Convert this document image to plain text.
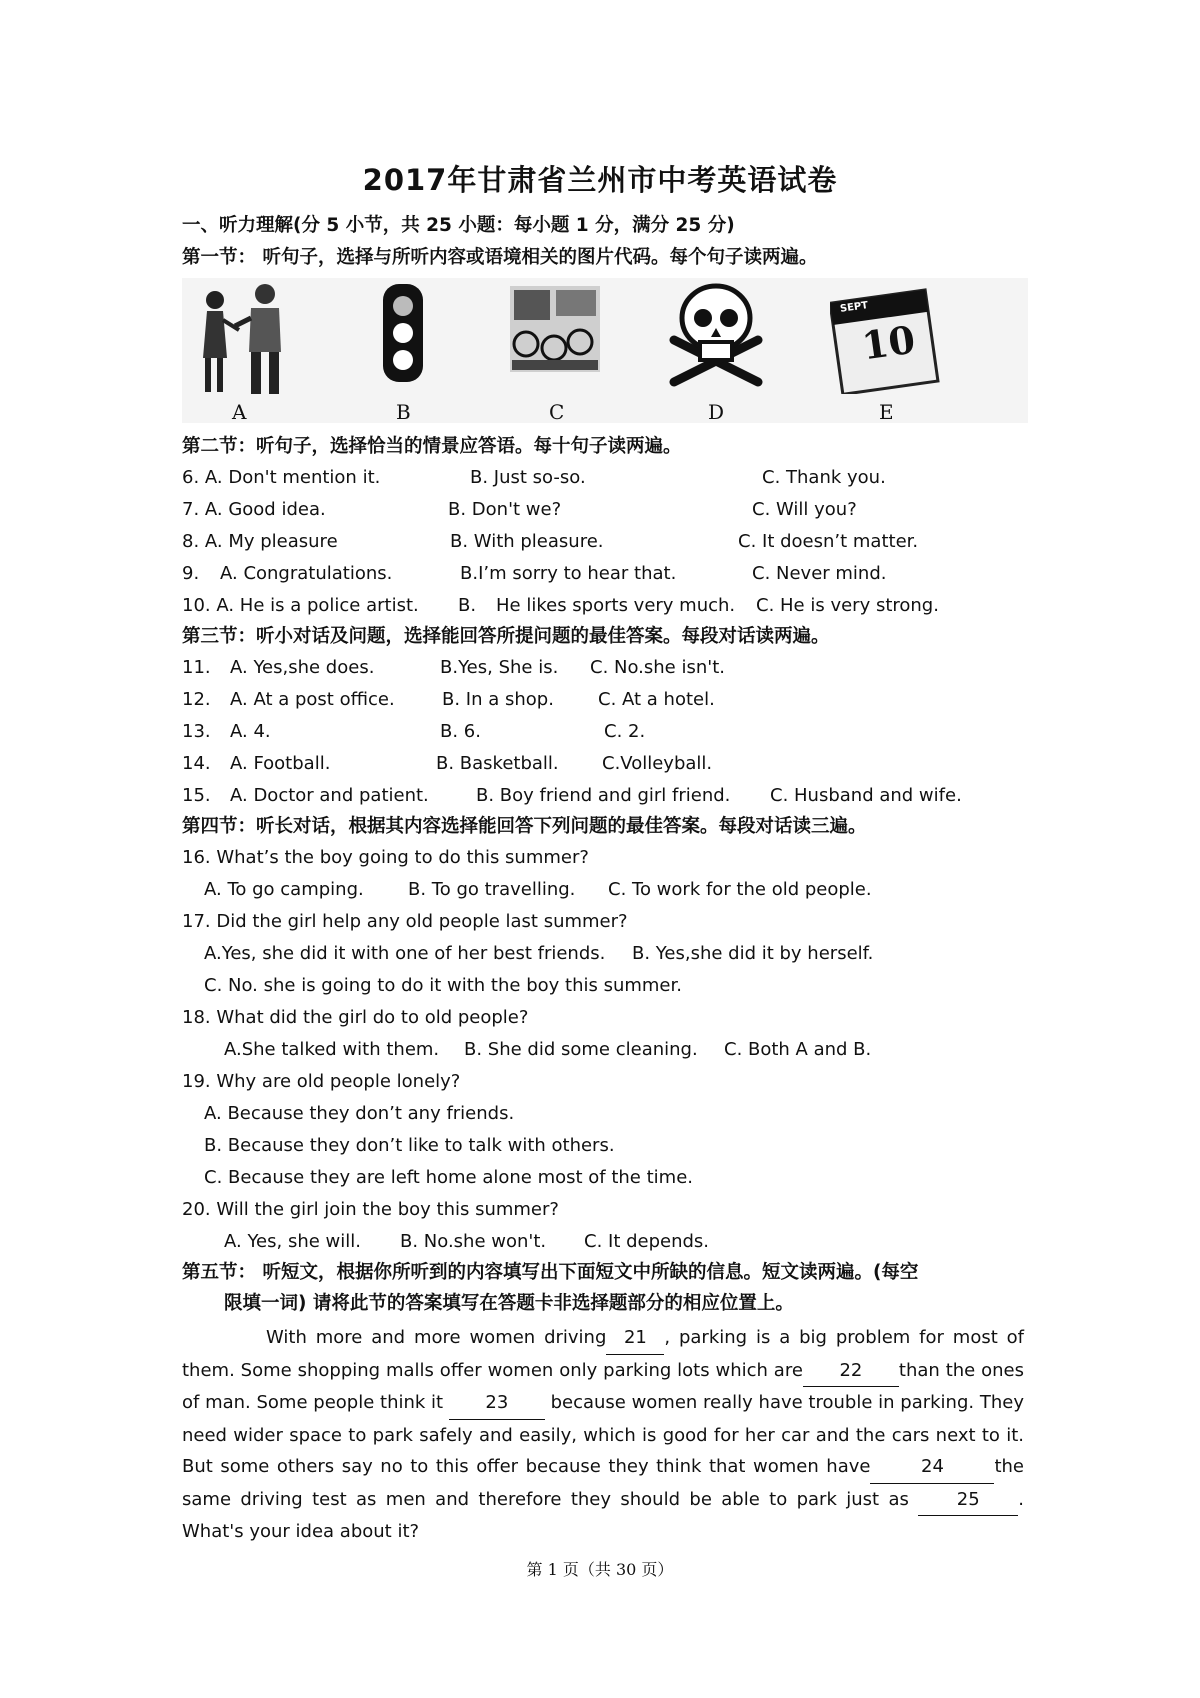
2017年甘肃省兰州市中考英语试卷
一、听力理解(分 5 小节，共 25 小题：每小题 1 分，满分 25 分)
第一节： 听句子，选择与所听内容或语境相关的图片代码。每个句子读两遍。
SEPT
10
A	B	C	D	E
第二节：听句子，选择恰当的情景应答语。每十句子读两遍。
6. A. Don't mention it.	B. Just so-so.	C. Thank you.
7. A. Good idea.	B. Don't we?	C. Will you?
8. A. My pleasure	B. With pleasure.	C. It doesn’t matter.
9. A. Congratulations.	B.I’m sorry to hear that.	C. Never mind.
10. A. He is a police artist. B. He likes sports very much. C. He is very strong.
第三节：听小对话及问题，选择能回答所提问题的最佳答案。每段对话读两遍。
11. A. Yes,she does.	B.Yes, She is. C. No.she isn't.
12. A. At a post office.	B. In a shop. C. At a hotel.
13. A. 4.	B. 6.	C. 2.
14. A. Football.	B. Basketball. C.Volleyball.
15. A. Doctor and patient.	B. Boy friend and girl friend. C. Husband and wife.
第四节：听长对话，根据其内容选择能回答下列问题的最佳答案。每段对话读三遍。
16. What’s the boy going to do this summer?
A. To go camping. B. To go travelling. C. To work for the old people.
17. Did the girl help any old people last summer?
A.Yes, she did it with one of her best friends. B. Yes,she did it by herself.
C. No. she is going to do it with the boy this summer.
18. What did the girl do to old people?
A.She talked with them. B. She did some cleaning. C. Both A and B.
19. Why are old people lonely?
A. Because they don’t any friends.
B. Because they don’t like to talk with others.
C. Because they are left home alone most of the time.
20. Will the girl join the boy this summer?
A. Yes, she will. B. No.she won't. C. It depends.
第五节： 听短文，根据你所听到的内容填写出下面短文中所缺的信息。短文读两遍。(每空
限填一词) 请将此节的答案填写在答题卡非选择题部分的相应位置上。
With more and more women driving 21 , parking is a big problem for most of them. Some shopping malls offer women only parking lots which are 22 than the ones of man. Some people think it 23 because women really have trouble in parking. They need wider space to park safely and easily, which is good for her car and the cars next to it. But some others say no to this offer because they think that women have	24	the same driving test as men and therefore they should be able to park just as	25 . What's your idea about it?
第 1 页（共 30 页）
